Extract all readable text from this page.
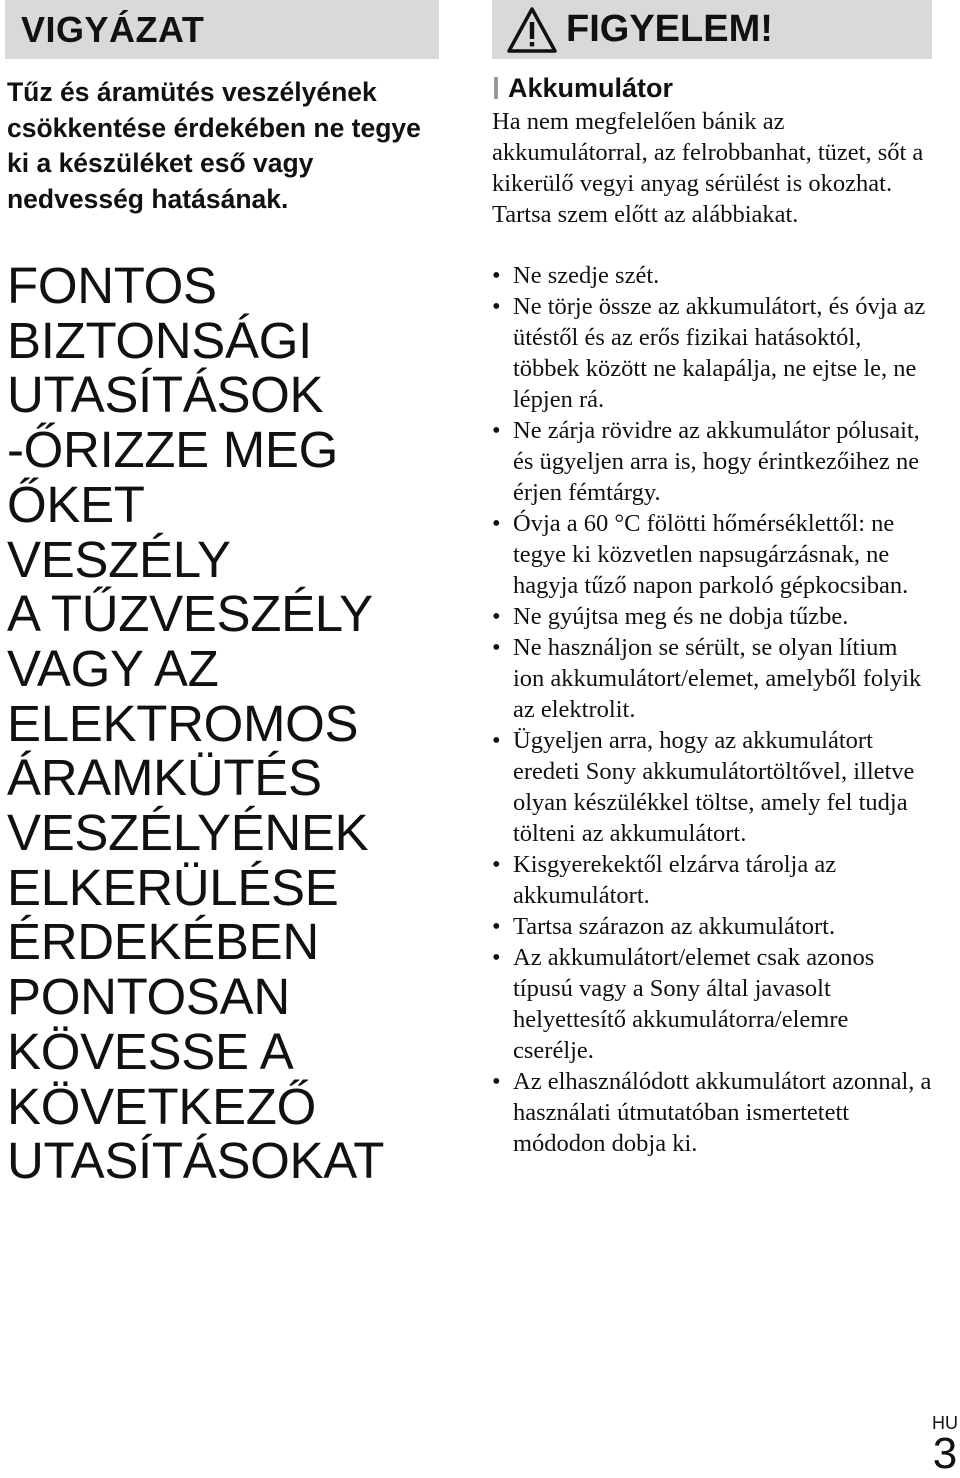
VIGYÁZAT
Tűz és áramütés veszélyének csökkentése érdekében ne tegye ki a készüléket eső vagy nedvesség hatásának.
FONTOS
BIZTONSÁGI
UTASÍTÁSOK
-ŐRIZZE MEG
ŐKET
VESZÉLY
A TŰZVESZÉLY
VAGY AZ
ELEKTROMOS
ÁRAMKÜTÉS
VESZÉLYÉNEK
ELKERÜLÉSE
ÉRDEKÉBEN
PONTOSAN
KÖVESSE A
KÖVETKEZŐ
UTASÍTÁSOKAT
FIGYELEM!
Akkumulátor
Ha nem megfelelően bánik az akkumulátorral, az felrobbanhat, tüzet, sőt a kikerülő vegyi anyag sérülést is okozhat. Tartsa szem előtt az alábbiakat.
• Ne szedje szét.
• Ne törje össze az akkumulátort, és óvja az ütéstől és az erős fizikai hatásoktól, többek között ne kalapálja, ne ejtse le, ne lépjen rá.
• Ne zárja rövidre az akkumulátor pólusait, és ügyeljen arra is, hogy érintkezőihez ne érjen fémtárgy.
• Óvja a 60 °C fölötti hőmérséklettől: ne tegye ki közvetlen napsugárzásnak, ne hagyja tűző napon parkoló gépkocsiban.
• Ne gyújtsa meg és ne dobja tűzbe.
• Ne használjon se sérült, se olyan lítium ion akkumulátort/elemet, amelyből folyik az elektrolit.
• Ügyeljen arra, hogy az akkumulátort eredeti Sony akkumulátortöltővel, illetve olyan készülékkel töltse, amely fel tudja tölteni az akkumulátort.
• Kisgyerekektől elzárva tárolja az akkumulátort.
• Tartsa szárazon az akkumulátort.
• Az akkumulátort/elemet csak azonos típusú vagy a Sony által javasolt helyettesítő akkumulátorra/elemre cserélje.
• Az elhasználódott akkumulátort azonnal, a használati útmutatóban ismertetett módodon dobja ki.
HU
3
